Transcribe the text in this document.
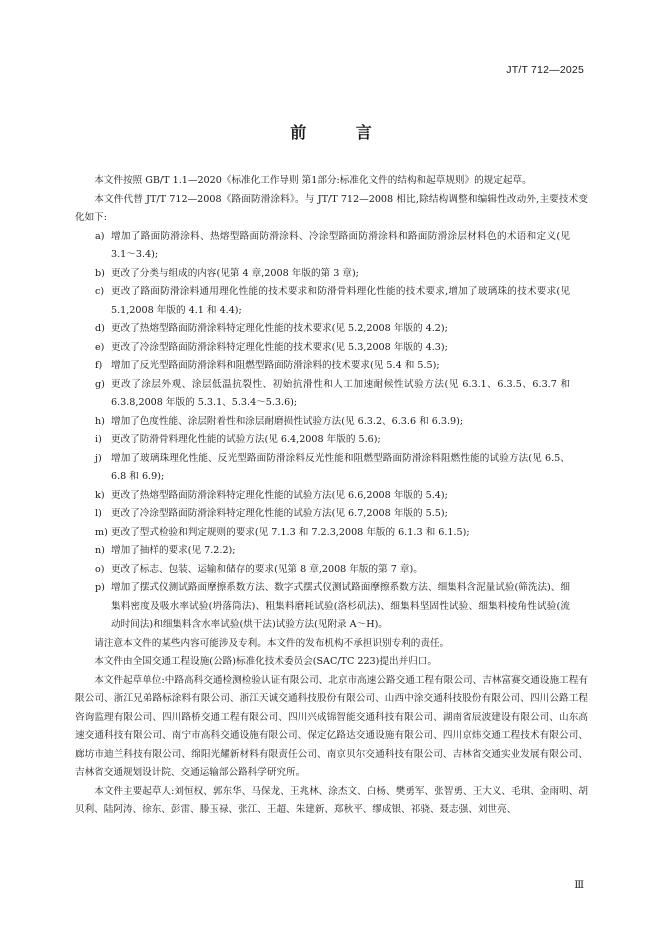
JT/T 712—2025
前 言

本文件按照 GB/T 1.1—2020《标准化工作导则 第1部分:标准化文件的结构和起草规则》的规定起草。

本文件代替 JT/T 712—2008《路面防滑涂料》。与 JT/T 712—2008 相比,除结构调整和编辑性改动外,主要技术变化如下:

a) 增加了路面防滑涂料、热熔型路面防滑涂料、冷涂型路面防滑涂料和路面防滑涂层材料色的术语和定义(见 3.1～3.4);
b) 更改了分类与组成的内容(见第 4 章,2008 年版的第 3 章);
c) 更改了路面防滑涂料通用理化性能的技术要求和防滑骨料理化性能的技术要求,增加了玻璃珠的技术要求(见 5.1,2008 年版的 4.1 和 4.4);
d) 更改了热熔型路面防滑涂料特定理化性能的技术要求(见 5.2,2008 年版的 4.2);
e) 更改了冷涂型路面防滑涂料特定理化性能的技术要求(见 5.3,2008 年版的 4.3);
f) 增加了反光型路面防滑涂料和阻燃型路面防滑涂料的技术要求(见 5.4 和 5.5);
g) 更改了涂层外观、涂层低温抗裂性、初始抗滑性和人工加速耐候性试验方法(见 6.3.1、6.3.5、6.3.7 和 6.3.8,2008 年版的 5.3.1、5.3.4～5.3.6);
h) 增加了色度性能、涂层附着性和涂层耐磨损性试验方法(见 6.3.2、6.3.6 和 6.3.9);
i) 更改了防滑骨料理化性能的试验方法(见 6.4,2008 年版的 5.6);
j) 增加了玻璃珠理化性能、反光型路面防滑涂料反光性能和阻燃型路面防滑涂料阻燃性能的试验方法(见 6.5、6.8 和 6.9);
k) 更改了热熔型路面防滑涂料特定理化性能的试验方法(见 6.6,2008 年版的 5.4);
l) 更改了冷涂型路面防滑涂料特定理化性能的试验方法(见 6.7,2008 年版的 5.5);
m) 更改了型式检验和判定规则的要求(见 7.1.3 和 7.2.3,2008 年版的 6.1.3 和 6.1.5);
n) 增加了抽样的要求(见 7.2.2);
o) 更改了标志、包装、运输和储存的要求(见第 8 章,2008 年版的第 7 章)。
p) 增加了摆式仪测试路面摩擦系数方法、数字式摆式仪测试路面摩擦系数方法、细集料含泥量试验(筛洗法)、细集料密度及吸水率试验(坍落筒法)、粗集料磨耗试验(洛杉矶法)、细集料坚固性试验、细集料棱角性试验(流动时间法)和细集料含水率试验(烘干法)试验方法(见附录 A～H)。

请注意本文件的某些内容可能涉及专利。本文件的发布机构不承担识别专利的责任。

本文件由全国交通工程设施(公路)标准化技术委员会(SAC/TC 223)提出并归口。

本文件起草单位:中路高科交通检测检验认证有限公司、北京市高速公路交通工程有限公司、吉林富赛交通设施工程有限公司、浙江兄弟路标涂料有限公司、浙江天诚交通科技股份有限公司、山西中涂交通科技股份有限公司、四川公路工程咨询监理有限公司、四川路桥交通工程有限公司、四川兴成锦智能交通科技有限公司、湖南省辰波建设有限公司、山东高速交通科技有限公司、南宁市高科交通设施有限公司、保定亿路达交通设施有限公司、四川京炜交通工程技术有限公司、廊坊市迪兰科技有限公司、绵阳光耀新材料有限责任公司、南京贝尔交通科技有限公司、吉林省交通实业发展有限公司、吉林省交通规划设计院、交通运输部公路科学研究所。

本文件主要起草人:刘恒权、郭东华、马保龙、王兆林、涂杰文、白杨、樊勇军、张智勇、王大义、毛琪、金雨明、胡贝利、陆阿涛、徐东、彭雷、滕玉禄、张江、王超、朱建新、郑秋平、缪成银、祁骁、聂志强、刘世亮、

Ⅲ
